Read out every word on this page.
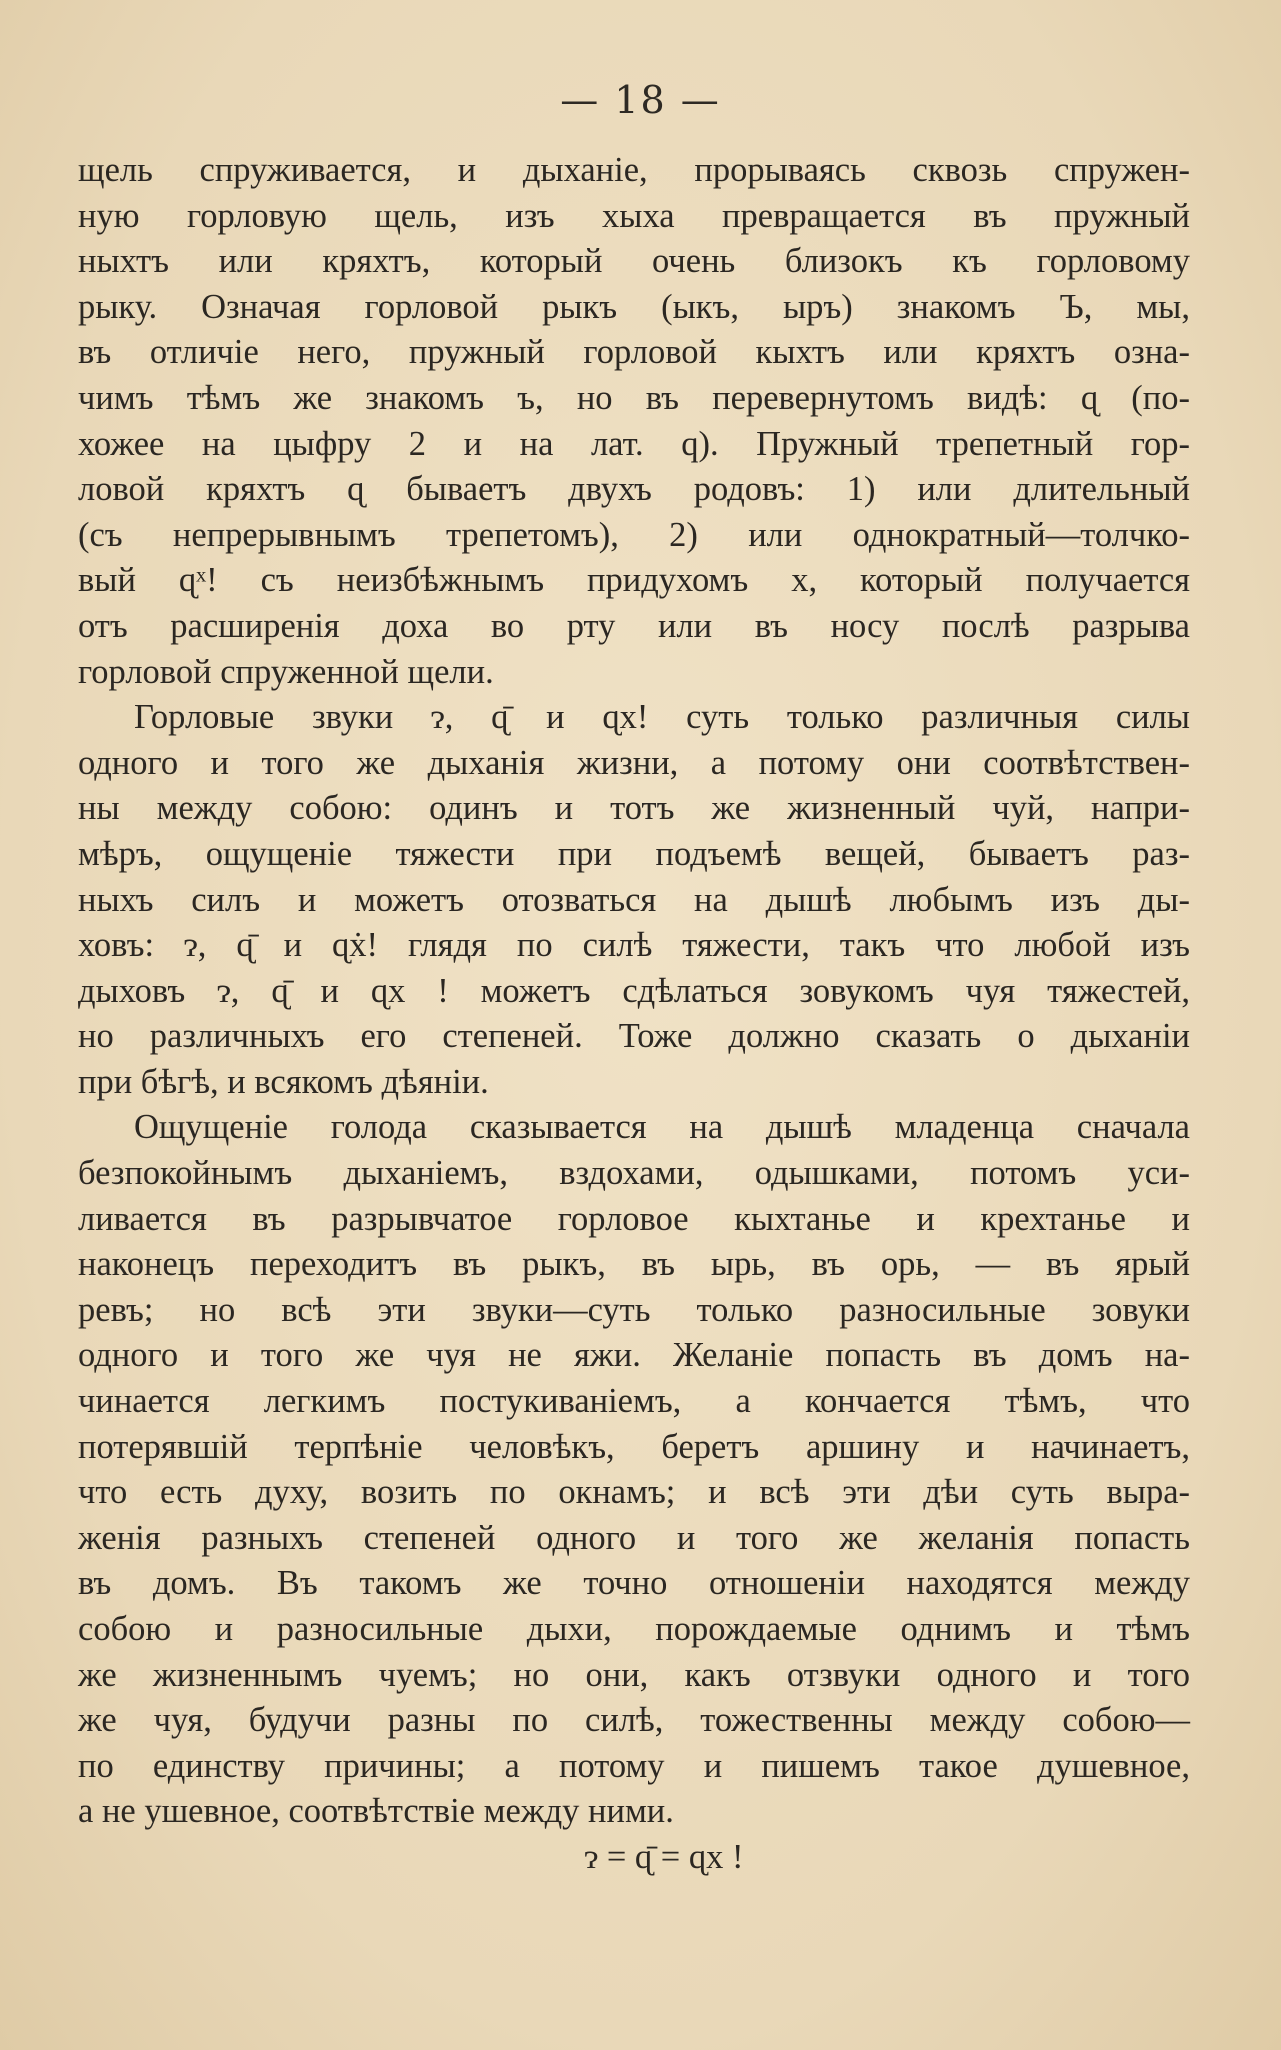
— 18 —
щель спруживается, и дыханіе, прорываясь сквозь спружен-
ную горловую щель, изъ хыха превращается въ пружный
ныхтъ или кряхтъ, который очень близокъ къ горловому
рыку. Означая горловой рыкъ (ыкъ, ыръ) знакомъ Ъ, мы,
въ отличіе него, пружный горловой кыхтъ или кряхтъ озна-
чимъ тѣмъ же знакомъ ъ, но въ перевернутомъ видѣ: ɋ (по-
хожее на цыфру 2 и на лат. q). Пружный трепетный гор-
ловой кряхтъ ɋ бываетъ двухъ родовъ: 1) или длительный
(съ непрерывнымъ трепетомъ), 2) или однократный—толчко-
вый ɋˣ! съ неизбѣжнымъ придухомъ х, который получается
отъ расширенія доха во рту или въ носу послѣ разрыва
горловой спруженной щели.
Горловые звуки ɂ, ɋ̄ и ɋx! суть только различныя силы
одного и того же дыханія жизни, а потому они соотвѣтствен-
ны между собою: одинъ и тотъ же жизненный чуй, напри-
мѣръ, ощущеніе тяжести при подъемѣ вещей, бываетъ раз-
ныхъ силъ и можетъ отозваться на дышѣ любымъ изъ ды-
ховъ: ɂ, ɋ̄ и ɋẋ! глядя по силѣ тяжести, такъ что любой изъ
дыховъ ɂ, ɋ̄ и ɋx ! можетъ сдѣлаться зовукомъ чуя тяжестей,
но различныхъ его степеней. Тоже должно сказать о дыханіи
при бѣгѣ, и всякомъ дѣяніи.
Ощущеніе голода сказывается на дышѣ младенца сначала
безпокойнымъ дыханіемъ, вздохами, одышками, потомъ уси-
ливается въ разрывчатое горловое кыхтанье и крехтанье и
наконецъ переходитъ въ рыкъ, въ ырь, въ орь, — въ ярый
ревъ; но всѣ эти звуки—суть только разносильные зовуки
одного и того же чуя не яжи. Желаніе попасть въ домъ на-
чинается легкимъ постукиваніемъ, а кончается тѣмъ, что
потерявшій терпѣніе человѣкъ, беретъ аршину и начинаетъ,
что есть духу, возить по окнамъ; и всѣ эти дѣи суть выра-
женія разныхъ степеней одного и того же желанія попасть
въ домъ. Въ такомъ же точно отношеніи находятся между
собою и разносильные дыхи, порождаемые однимъ и тѣмъ
же жизненнымъ чуемъ; но они, какъ отзвуки одного и того
же чуя, будучи разны по силѣ, тожественны между собою—
по единству причины; а потому и пишемъ такое душевное,
а не ушевное, соотвѣтствіе между ними.
ɂ = ɋ̄ = ɋx !
